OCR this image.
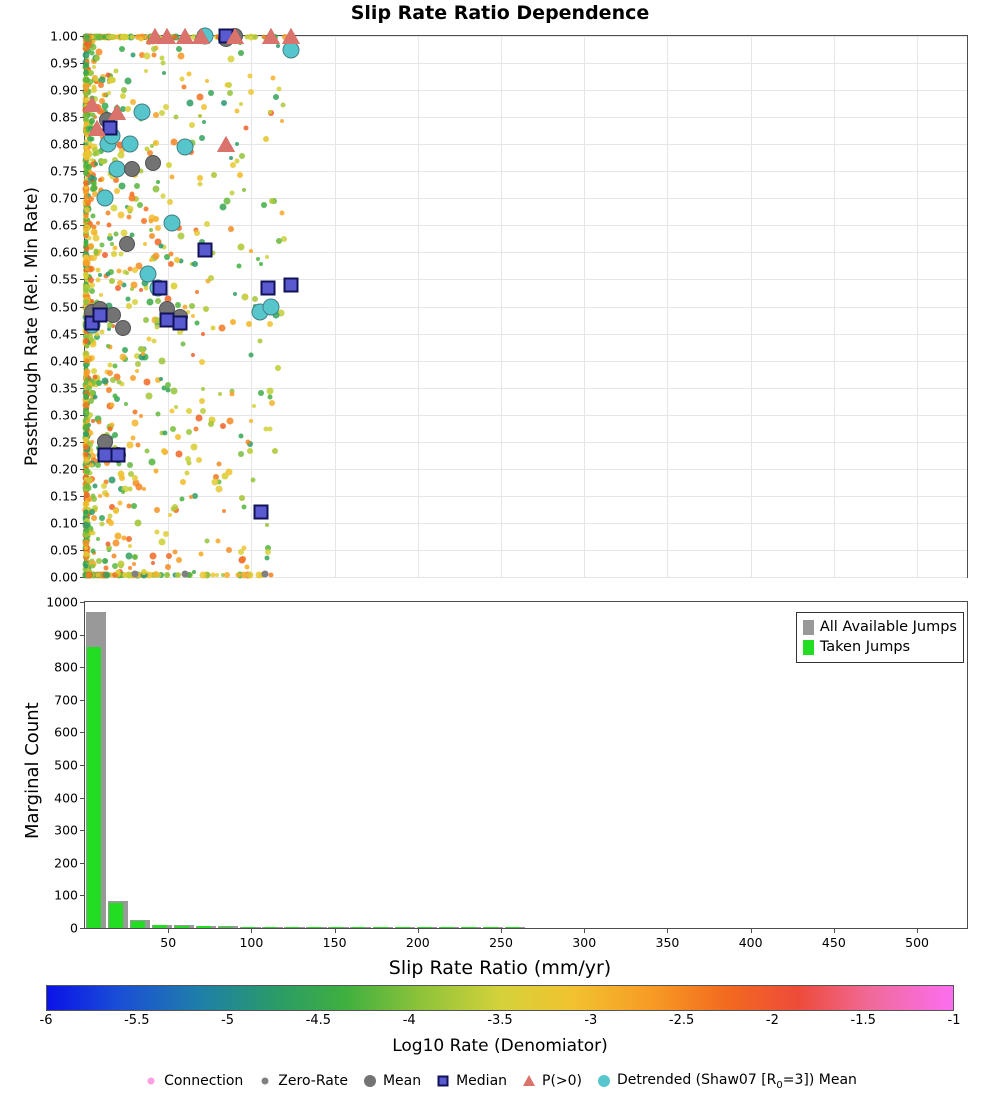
Slip Rate Ratio Dependence
All Available Jumps
Taken Jumps
-6	-5.5	-5	-4.5	-4	-3.5	-3	-2.5	-2	-1.5	-1
Log10 Rate (Denomiator)
Connection	Zero-Rate	Mean	Median	P(>0)	Detrended (Shaw07 $[R_0=3]$) Mean
0.00
0.05
0.10
0.15
0.20
0.25
0.30
0.35
0.40
0.45
0.50
0.55
0.60
0.65
0.70
0.75
0.80
0.85
0.90
0.95
1.00
Passthrough Rate (Rel. Min Rate)
0
100
200
300
400
500
600
700
800
900
1000
50	100	150	200	250	300	350	400	450	500
Slip Rate Ratio (mm/yr)
Marginal Count
